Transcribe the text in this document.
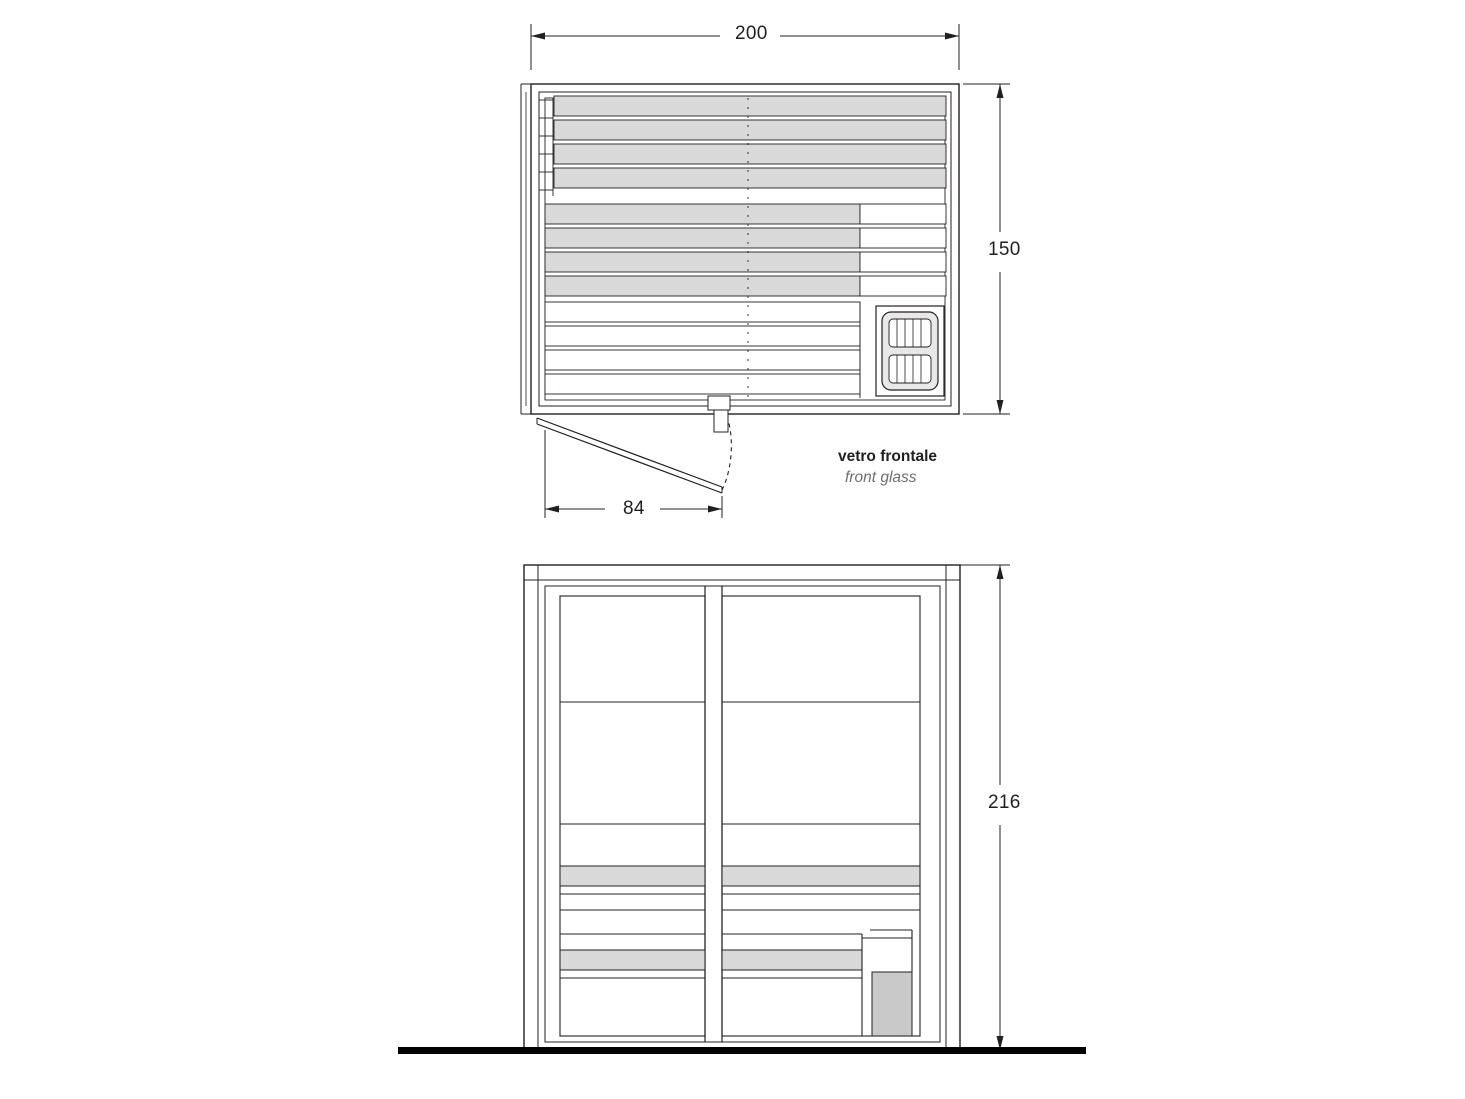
200
150
84
vetro frontale
front glass
216
